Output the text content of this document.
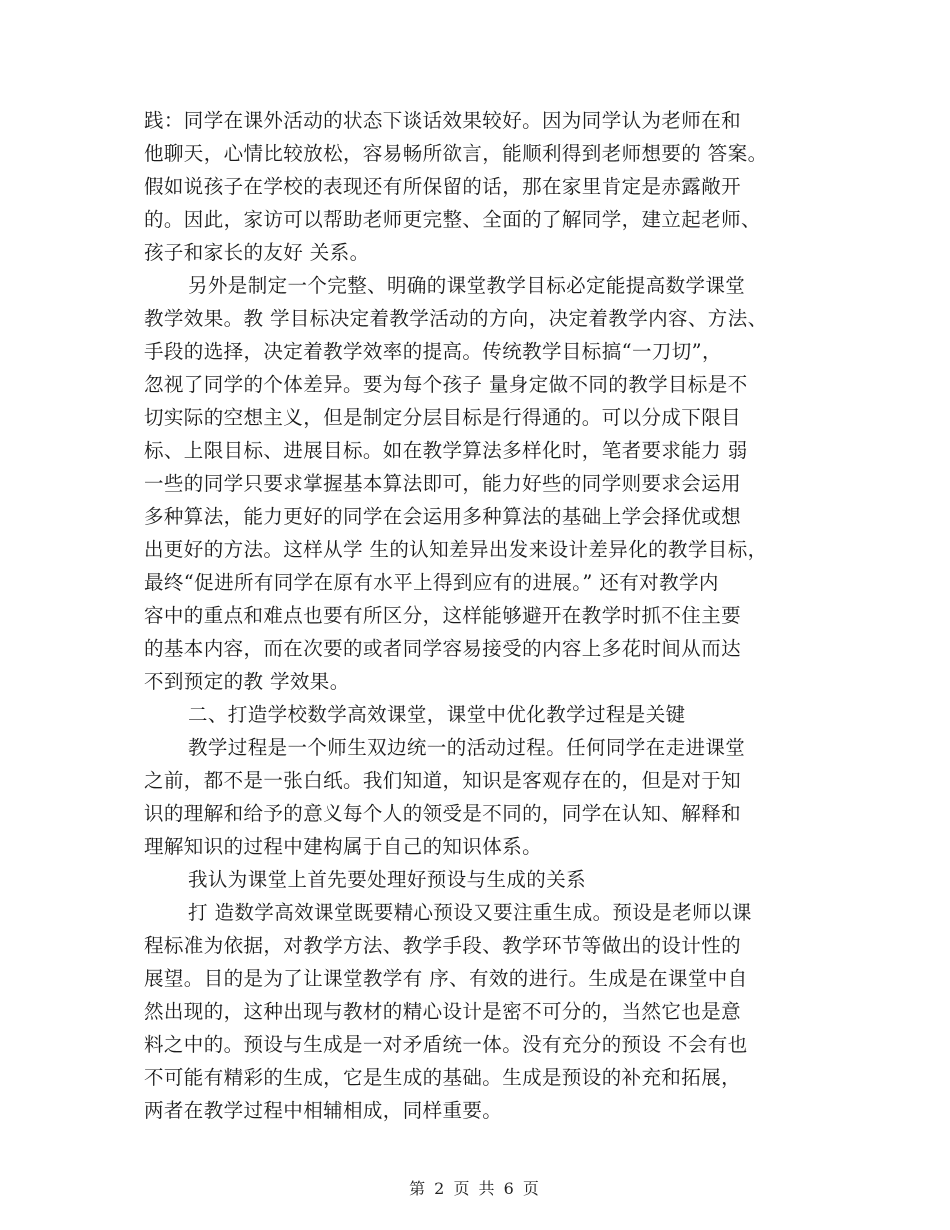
践：同学在课外活动的状态下谈话效果较好。因为同学认为老师在和
他聊天，心情比较放松，容易畅所欲言，能顺利得到老师想要的 答案。
假如说孩子在学校的表现还有所保留的话，那在家里肯定是赤露敞开
的。因此，家访可以帮助老师更完整、全面的了解同学，建立起老师、
孩子和家长的友好 关系。
另外是制定一个完整、明确的课堂教学目标必定能提高数学课堂
教学效果。教 学目标决定着教学活动的方向，决定着教学内容、方法、
手段的选择，决定着教学效率的提高。传统教学目标搞“一刀切”，
忽视了同学的个体差异。要为每个孩子 量身定做不同的教学目标是不
切实际的空想主义，但是制定分层目标是行得通的。可以分成下限目
标、上限目标、进展目标。如在教学算法多样化时，笔者要求能力 弱
一些的同学只要求掌握基本算法即可，能力好些的同学则要求会运用
多种算法，能力更好的同学在会运用多种算法的基础上学会择优或想
出更好的方法。这样从学 生的认知差异出发来设计差异化的教学目标，
最终“促进所有同学在原有水平上得到应有的进展。” 还有对教学内
容中的重点和难点也要有所区分，这样能够避开在教学时抓不住主要
的基本内容，而在次要的或者同学容易接受的内容上多花时间从而达
不到预定的教 学效果。
二、打造学校数学高效课堂，课堂中优化教学过程是关键
教学过程是一个师生双边统一的活动过程。任何同学在走进课堂
之前，都不是一张白纸。我们知道，知识是客观存在的，但是对于知
识的理解和给予的意义每个人的领受是不同的，同学在认知、解释和
理解知识的过程中建构属于自己的知识体系。
我认为课堂上首先要处理好预设与生成的关系
打 造数学高效课堂既要精心预设又要注重生成。预设是老师以课
程标准为依据，对教学方法、教学手段、教学环节等做出的设计性的
展望。目的是为了让课堂教学有 序、有效的进行。生成是在课堂中自
然出现的，这种出现与教材的精心设计是密不可分的，当然它也是意
料之中的。预设与生成是一对矛盾统一体。没有充分的预设 不会有也
不可能有精彩的生成，它是生成的基础。生成是预设的补充和拓展，
两者在教学过程中相辅相成，同样重要。
第 2 页 共 6 页
